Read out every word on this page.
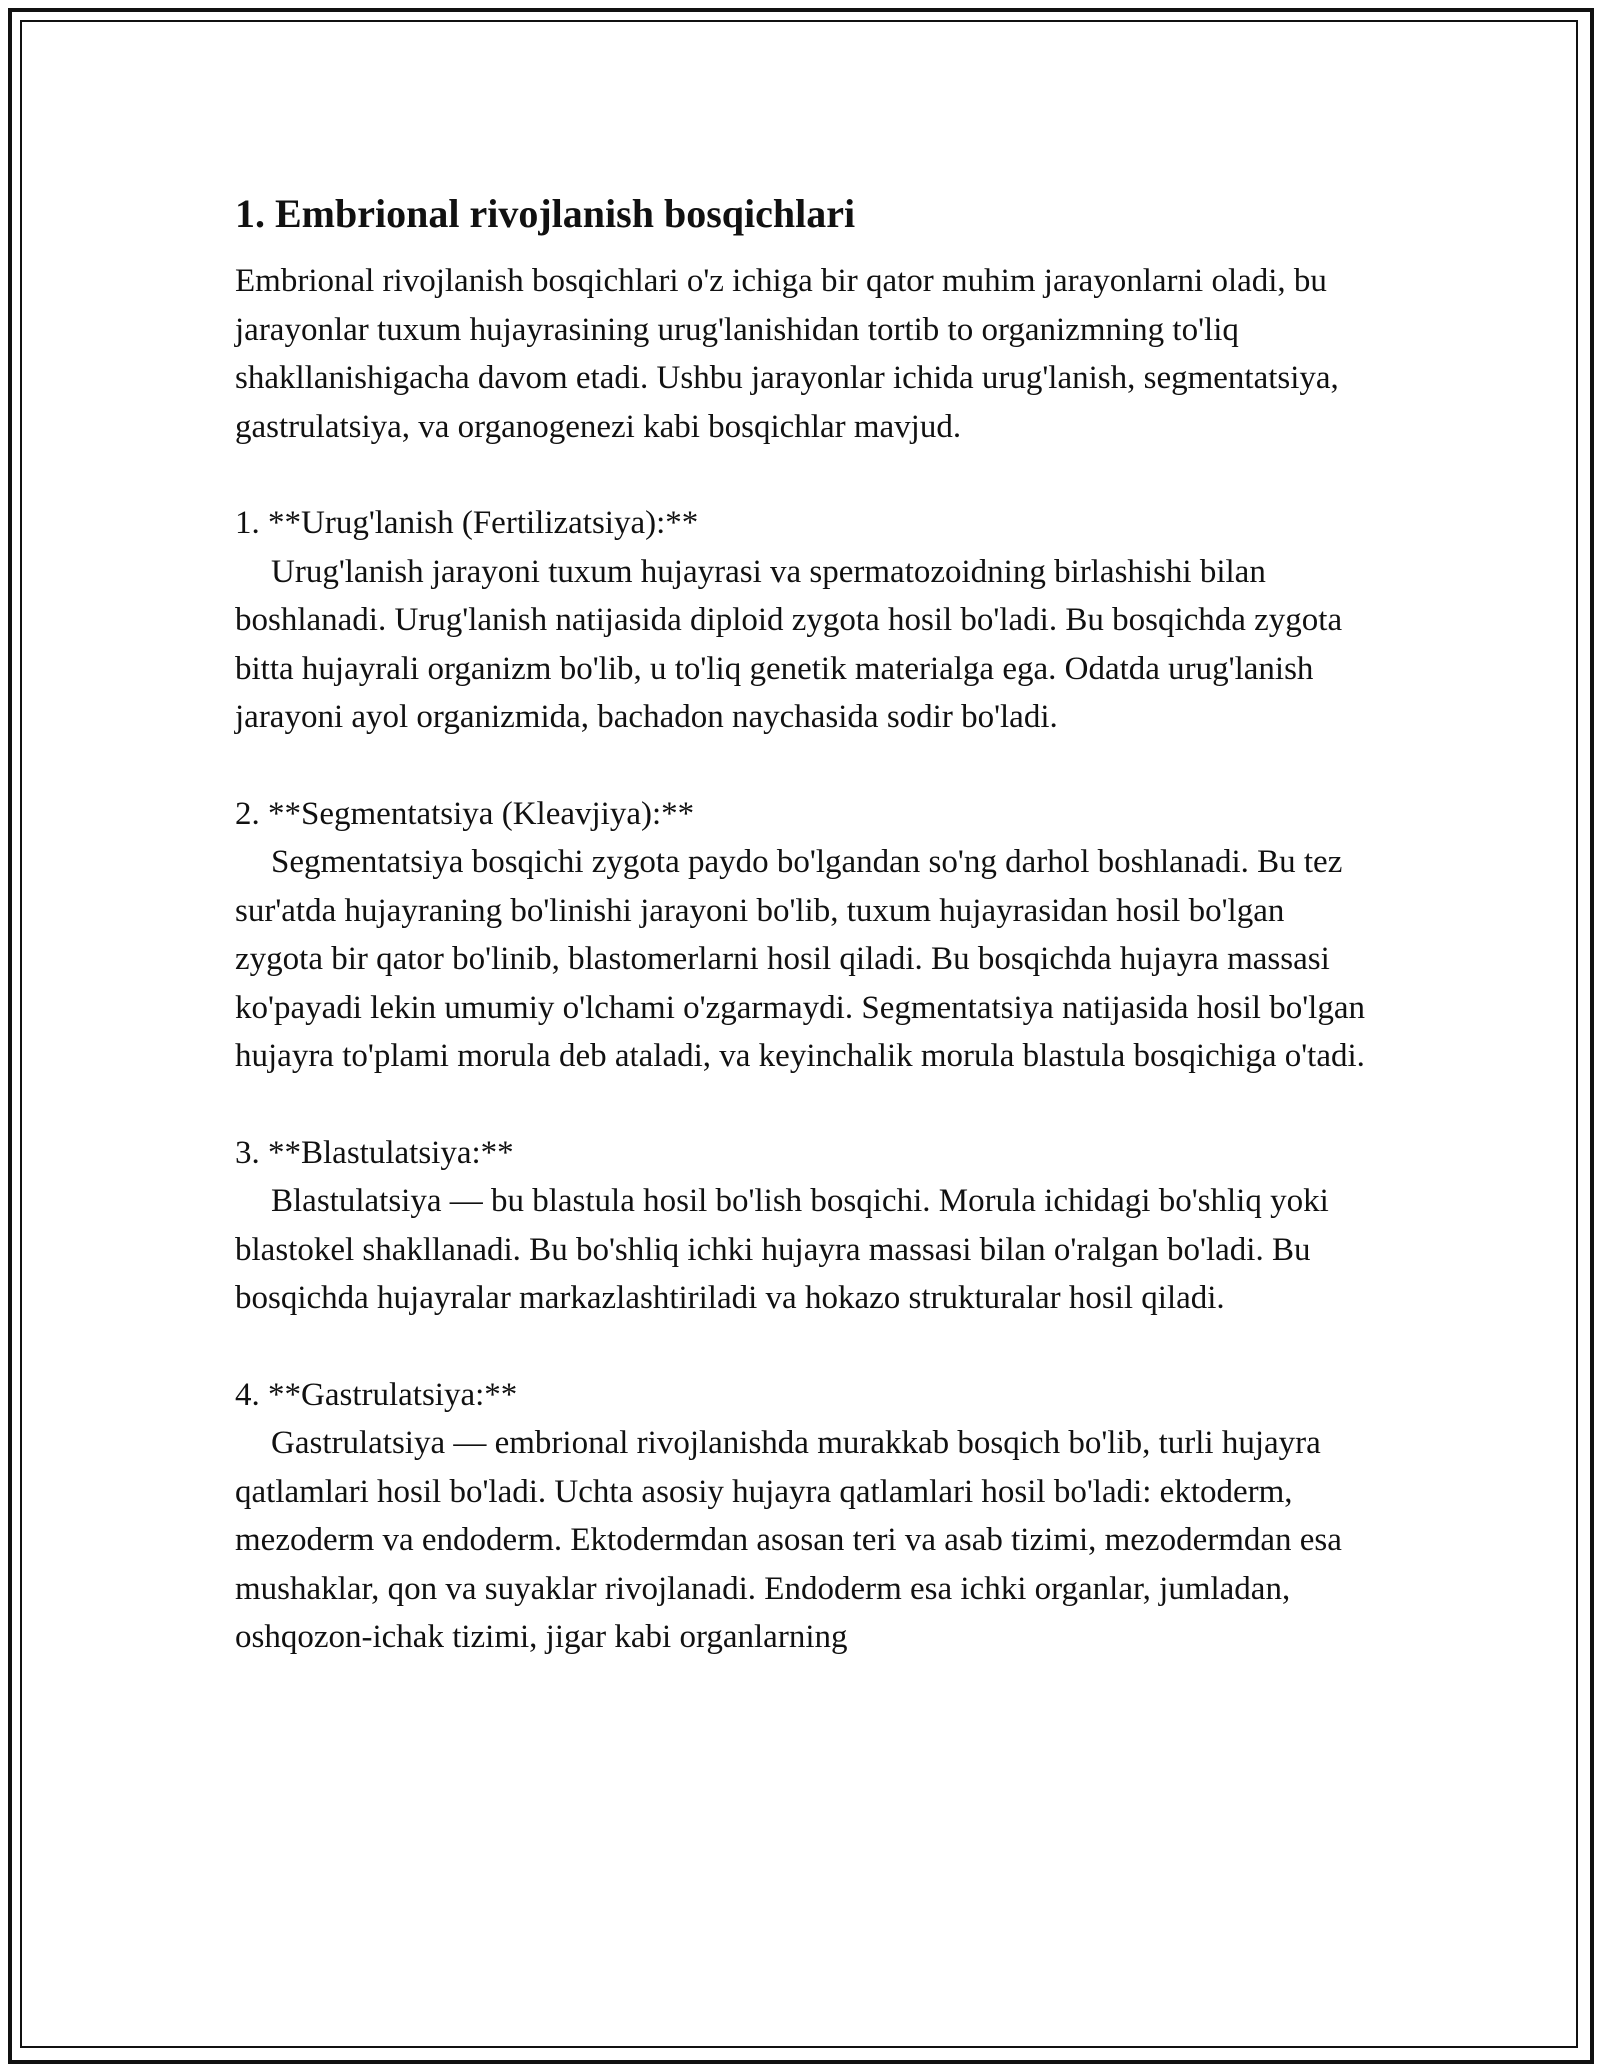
1. Embrional rivojlanish bosqichlari
Embrional rivojlanish bosqichlari o'z ichiga bir qator muhim jarayonlarni oladi, bu jarayonlar tuxum hujayrasining urug'lanishidan tortib to organizmning to'liq shakllanishigacha davom etadi. Ushbu jarayonlar ichida urug'lanish, segmentatsiya, gastrulatsiya, va organogenezi kabi bosqichlar mavjud.
1. **Urug'lanish (Fertilizatsiya):**
Urug'lanish jarayoni tuxum hujayrasi va spermatozoidning birlashishi bilan boshlanadi. Urug'lanish natijasida diploid zygota hosil bo'ladi. Bu bosqichda zygota bitta hujayrali organizm bo'lib, u to'liq genetik materialga ega. Odatda urug'lanish jarayoni ayol organizmida, bachadon naychasida sodir bo'ladi.
2. **Segmentatsiya (Kleavjiya):**
Segmentatsiya bosqichi zygota paydo bo'lgandan so'ng darhol boshlanadi. Bu tez sur'atda hujayraning bo'linishi jarayoni bo'lib, tuxum hujayrasidan hosil bo'lgan zygota bir qator bo'linib, blastomerlarni hosil qiladi. Bu bosqichda hujayra massasi ko'payadi lekin umumiy o'lchami o'zgarmaydi. Segmentatsiya natijasida hosil bo'lgan hujayra to'plami morula deb ataladi, va keyinchalik morula blastula bosqichiga o'tadi.
3. **Blastulatsiya:**
Blastulatsiya — bu blastula hosil bo'lish bosqichi. Morula ichidagi bo'shliq yoki blastokel shakllanadi. Bu bo'shliq ichki hujayra massasi bilan o'ralgan bo'ladi. Bu bosqichda hujayralar markazlashtiriladi va hokazo strukturalar hosil qiladi.
4. **Gastrulatsiya:**
Gastrulatsiya — embrional rivojlanishda murakkab bosqich bo'lib, turli hujayra qatlamlari hosil bo'ladi. Uchta asosiy hujayra qatlamlari hosil bo'ladi: ektoderm, mezoderm va endoderm. Ektodermdan asosan teri va asab tizimi, mezodermdan esa mushaklar, qon va suyaklar rivojlanadi. Endoderm esa ichki organlar, jumladan, oshqozon-ichak tizimi, jigar kabi organlarning
